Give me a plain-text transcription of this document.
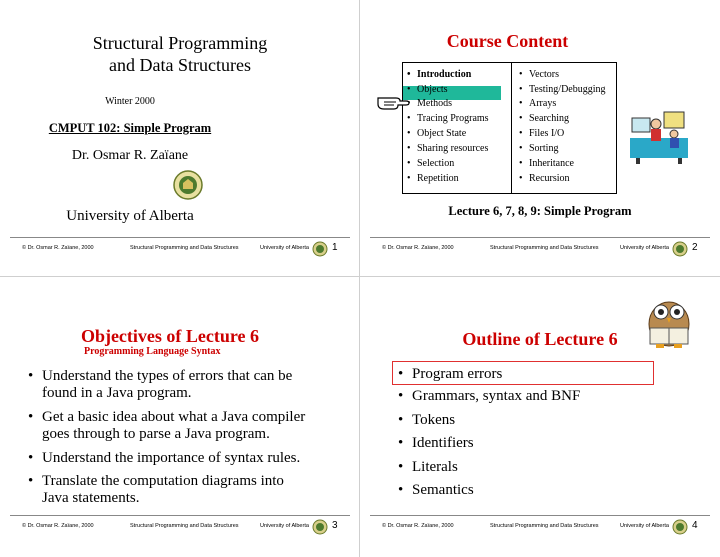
Structural Programming
and Data Structures
Winter 2000
CMPUT 102: Simple Program
Dr. Osmar R. Zaïane
University of Alberta
© Dr. Osmar R. Zaïane, 2000	Structural Programming and Data Structures	University of Alberta 1
Course Content
• Introduction
• Objects
• Methods
• Tracing Programs
• Object State
• Sharing resources
• Selection
• Repetition
• Vectors
• Testing/Debugging
• Arrays
• Searching
• Files I/O
• Sorting
• Inheritance
• Recursion
Lecture 6, 7, 8, 9: Simple Program
© Dr. Osmar R. Zaïane, 2000	Structural Programming and Data Structures	University of Alberta 2
Objectives of Lecture 6
Programming Language Syntax
• Understand the types of errors that can be
found in a Java program.
• Get a basic idea about what a Java compiler
goes through to parse a Java program.
• Understand the importance of syntax rules.
• Translate the computation diagrams into
Java statements.
© Dr. Osmar R. Zaïane, 2000	Structural Programming and Data Structures	University of Alberta 3
Outline of Lecture 6
• Program errors
• Grammars, syntax and BNF
• Tokens
• Identifiers
• Literals
• Semantics
© Dr. Osmar R. Zaïane, 2000	Structural Programming and Data Structures	University of Alberta 4
